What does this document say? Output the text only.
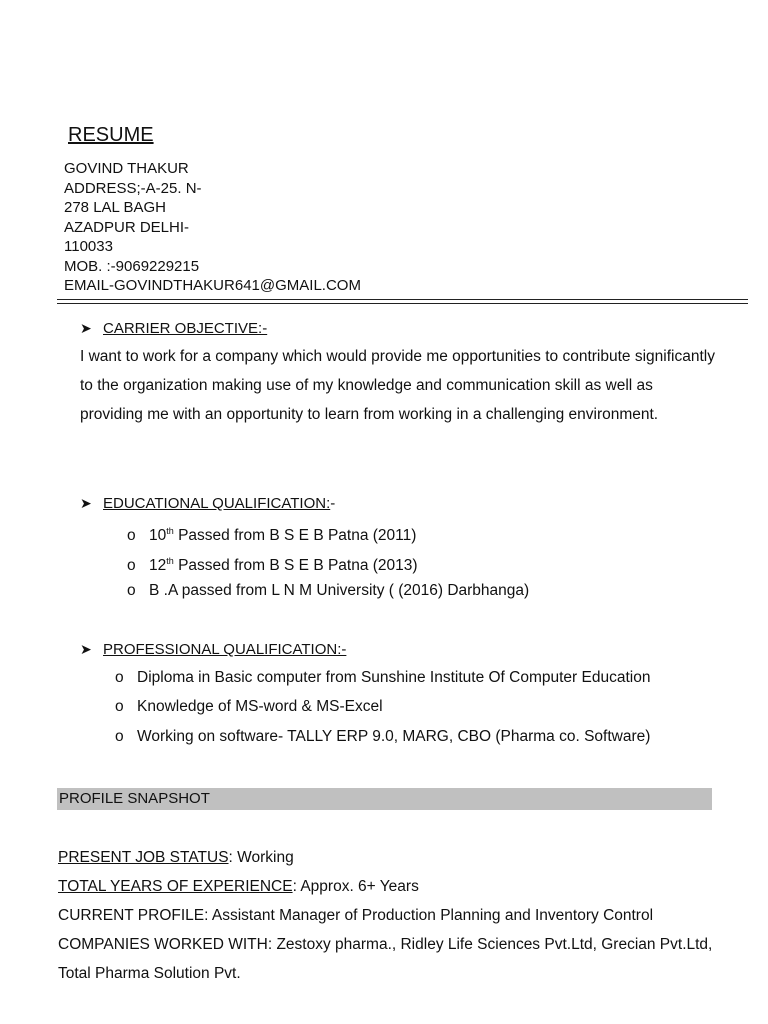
RESUME
GOVIND THAKUR
ADDRESS;-A-25. N-
278 LAL BAGH
AZADPUR DELHI-
110033
MOB. :-9069229215
EMAIL-GOVINDTHAKUR641@GMAIL.COM
➤ CARRIER OBJECTIVE:-
I want to work for a company which would provide me opportunities to contribute significantly to the organization making use of my knowledge and communication skill as well as providing me with an opportunity to learn from working in a challenging environment.
➤ EDUCATIONAL QUALIFICATION:-
o 10th Passed from B S E B Patna (2011)
o 12th Passed from B S E B Patna (2013)
o B .A passed from L N M University ( (2016) Darbhanga)
➤ PROFESSIONAL QUALIFICATION:-
o Diploma in Basic computer from Sunshine Institute Of Computer Education
o Knowledge of MS-word & MS-Excel
o Working on software- TALLY ERP 9.0, MARG, CBO (Pharma co. Software)
PROFILE SNAPSHOT
PRESENT JOB STATUS: Working
TOTAL YEARS OF EXPERIENCE: Approx. 6+ Years
CURRENT PROFILE: Assistant Manager of Production Planning and Inventory Control
COMPANIES WORKED WITH: Zestoxy pharma., Ridley Life Sciences Pvt.Ltd, Grecian Pvt.Ltd, Total Pharma Solution Pvt.
